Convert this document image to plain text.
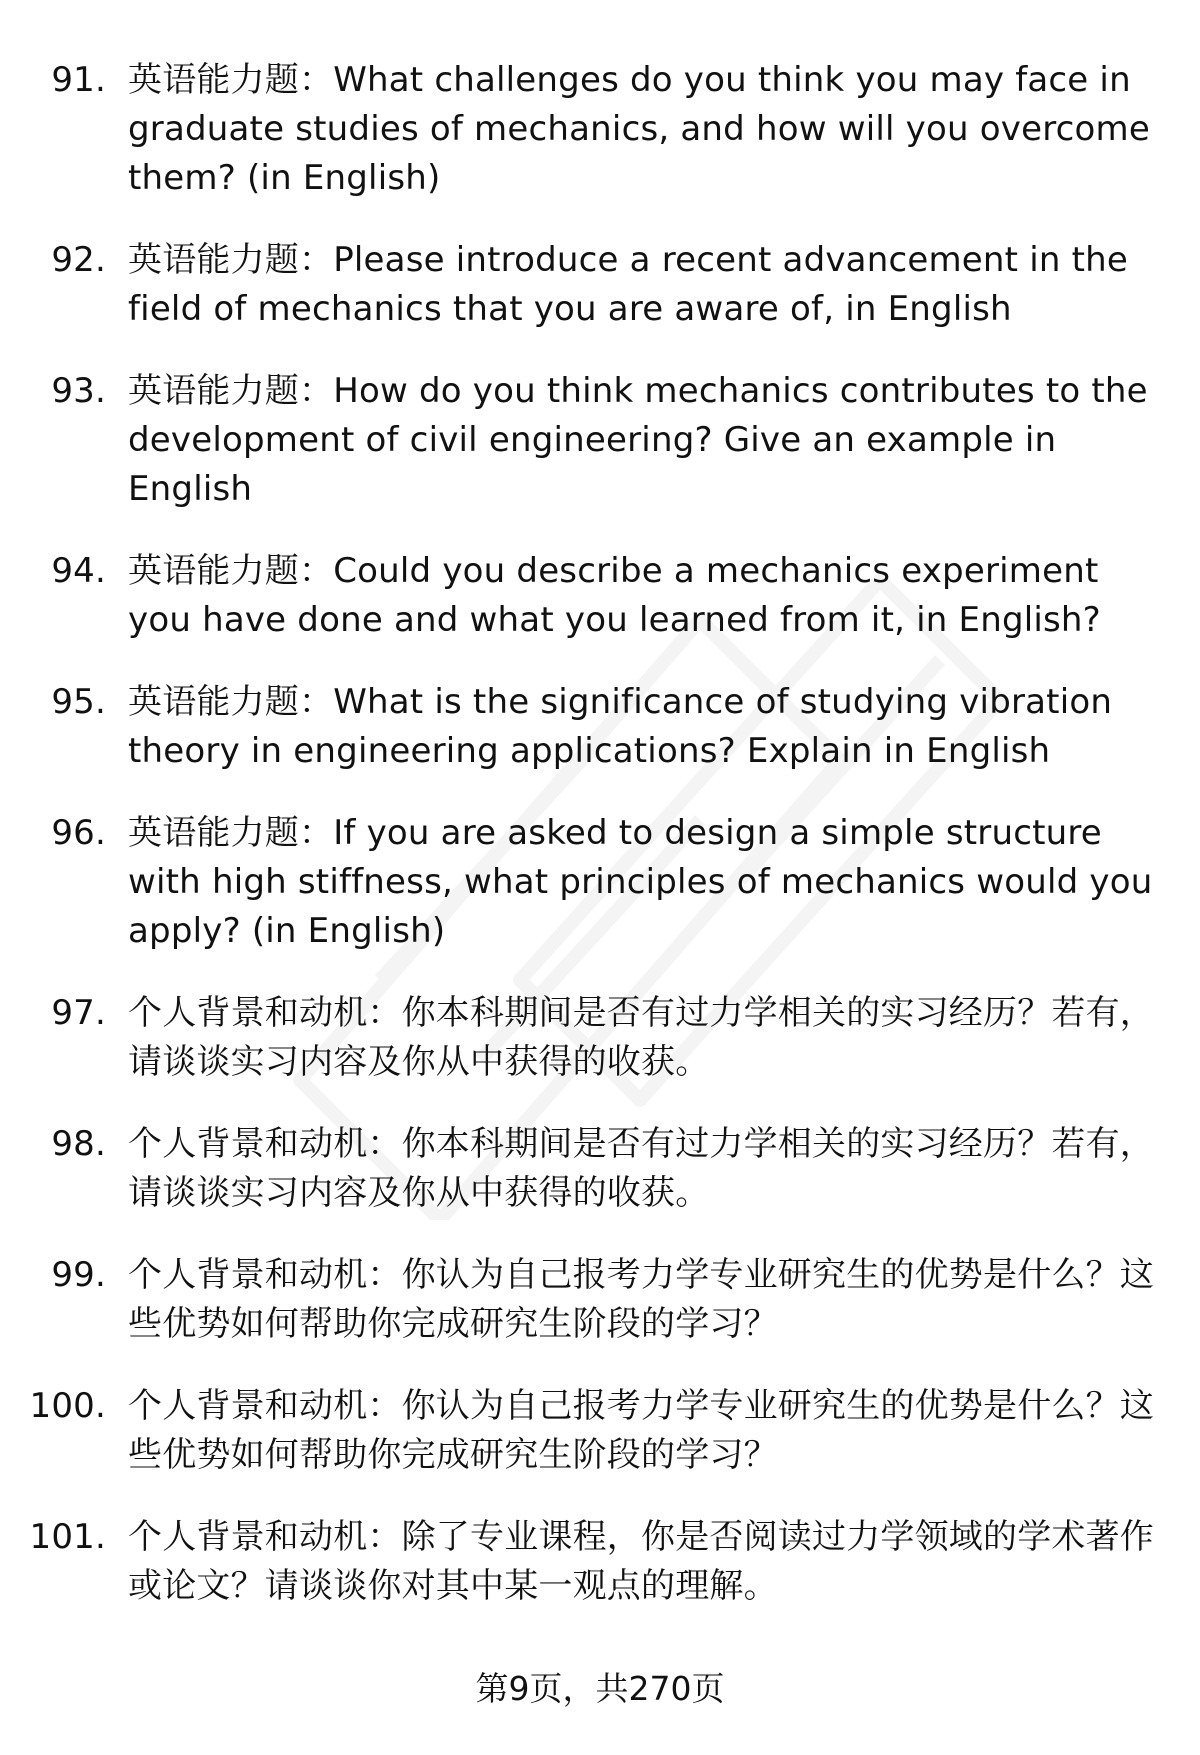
91. 英语能力题：What challenges do you think you may face in graduate studies of mechanics, and how will you overcome them? (in English)
92. 英语能力题：Please introduce a recent advancement in the field of mechanics that you are aware of, in English
93. 英语能力题：How do you think mechanics contributes to the development of civil engineering? Give an example in English
94. 英语能力题：Could you describe a mechanics experiment you have done and what you learned from it, in English?
95. 英语能力题：What is the significance of studying vibration theory in engineering applications? Explain in English
96. 英语能力题：If you are asked to design a simple structure with high stiffness, what principles of mechanics would you apply? (in English)
97. 个人背景和动机：你本科期间是否有过力学相关的实习经历？若有，请谈谈实习内容及你从中获得的收获。
98. 个人背景和动机：你本科期间是否有过力学相关的实习经历？若有，请谈谈实习内容及你从中获得的收获。
99. 个人背景和动机：你认为自己报考力学专业研究生的优势是什么？这些优势如何帮助你完成研究生阶段的学习？
100. 个人背景和动机：你认为自己报考力学专业研究生的优势是什么？这些优势如何帮助你完成研究生阶段的学习？
101. 个人背景和动机：除了专业课程，你是否阅读过力学领域的学术著作或论文？请谈谈你对其中某一观点的理解。
第9页，共270页
